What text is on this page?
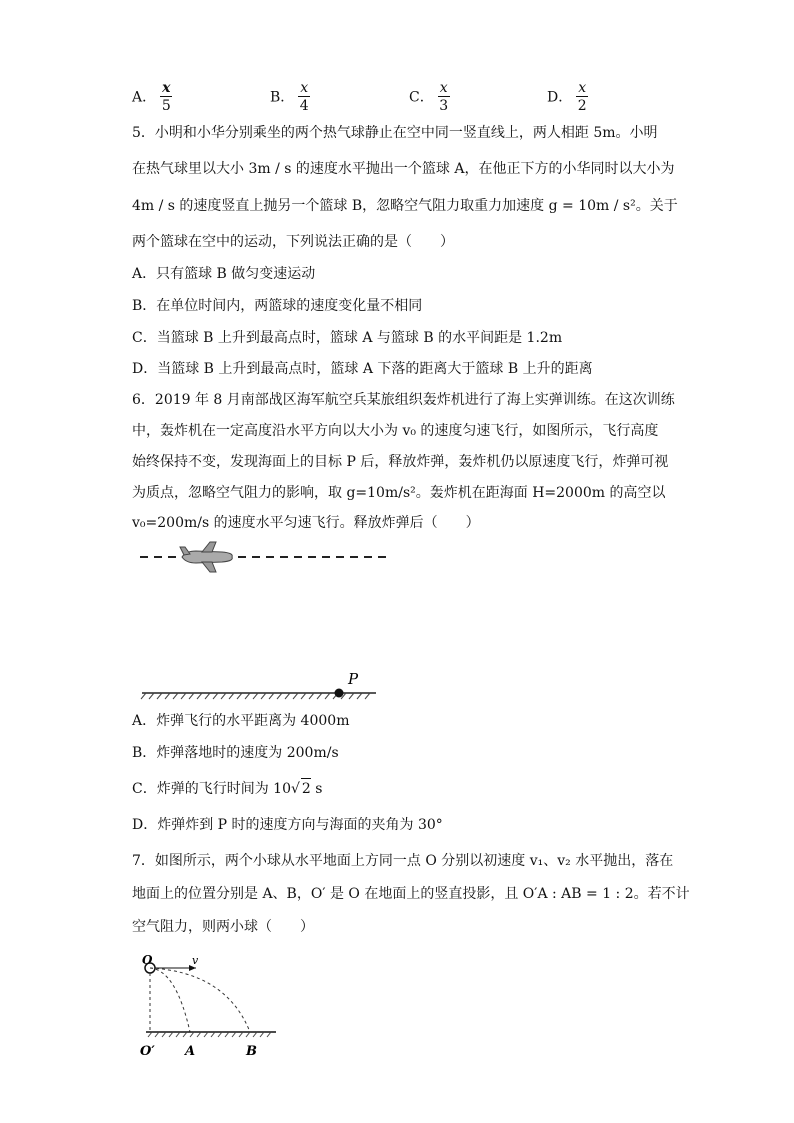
A． $\frac{x}{5}$	B． $\frac{x}{4}$	C． $\frac{x}{3}$	D． $\frac{x}{2}$
5．小明和小华分别乘坐的两个热气球静止在空中同一竖直线上，两人相距 5m。小明
在热气球里以大小 3m / s 的速度水平抛出一个篮球 A，在他正下方的小华同时以大小为
4m / s 的速度竖直上抛另一个篮球 B，忽略空气阻力取重力加速度 g = 10m / s²。关于
两个篮球在空中的运动，下列说法正确的是（　　）
A．只有篮球 B 做匀变速运动
B．在单位时间内，两篮球的速度变化量不相同
C．当篮球 B 上升到最高点时，篮球 A 与篮球 B 的水平间距是 1.2m
D．当篮球 B 上升到最高点时，篮球 A 下落的距离大于篮球 B 上升的距离
6．2019 年 8 月南部战区海军航空兵某旅组织轰炸机进行了海上实弹训练。在这次训练
中，轰炸机在一定高度沿水平方向以大小为 v₀ 的速度匀速飞行，如图所示，飞行高度
始终保持不变，发现海面上的目标 P 后，释放炸弹，轰炸机仍以原速度飞行，炸弹可视
为质点，忽略空气阻力的影响，取 g=10m/s²。轰炸机在距海面 H=2000m 的高空以
v₀=200m/s 的速度水平匀速飞行。释放炸弹后（　　）
P
A．炸弹飞行的水平距离为 4000m
B．炸弹落地时的速度为 200m/s
C．炸弹的飞行时间为 10√ 2 s
D．炸弹炸到 P 时的速度方向与海面的夹角为 30°
7．如图所示，两个小球从水平地面上方同一点 O 分别以初速度 v₁、v₂ 水平抛出，落在
地面上的位置分别是 A、B，O′ 是 O 在地面上的竖直投影，且 O′A : AB = 1 : 2。若不计
空气阻力，则两小球（　　）
O	v
O′ A	B
